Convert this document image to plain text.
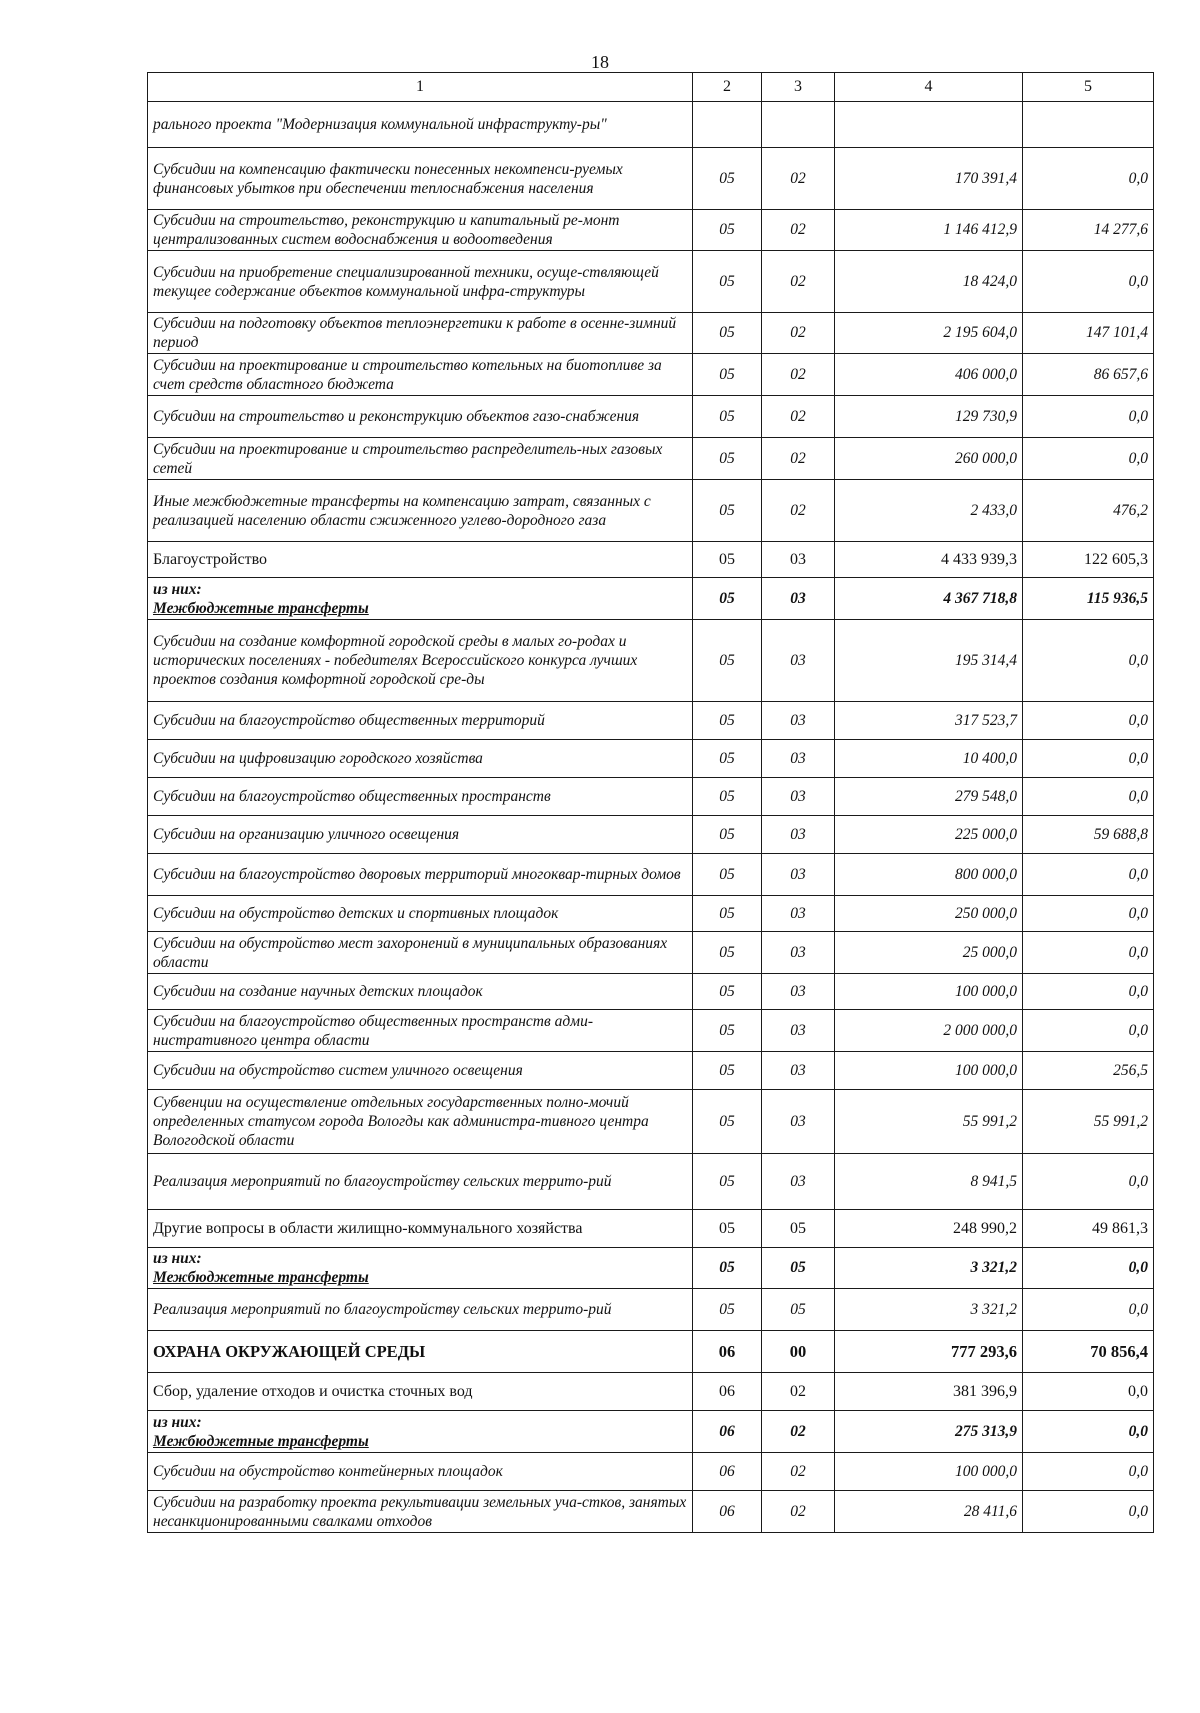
18
1	2	3	4	5
рального проекта "Модернизация коммунальной инфраструкту-ры"				
Субсидии на компенсацию фактически понесенных некомпенси-руемых финансовых убытков при обеспечении теплоснабжения населения	05	02	170 391,4	0,0
Субсидии на строительство, реконструкцию и капитальный ре-монт централизованных систем водоснабжения и водоотведения	05	02	1 146 412,9	14 277,6
Субсидии на приобретение специализированной техники, осуще-ствляющей текущее содержание объектов коммунальной инфра-структуры	05	02	18 424,0	0,0
Субсидии на подготовку объектов теплоэнергетики к работе в осенне-зимний период	05	02	2 195 604,0	147 101,4
Субсидии на проектирование и строительство котельных на биотопливе за счет средств областного бюджета	05	02	406 000,0	86 657,6
Субсидии на строительство и реконструкцию объектов газо-снабжения	05	02	129 730,9	0,0
Субсидии на проектирование и строительство распределитель-ных газовых сетей	05	02	260 000,0	0,0
Иные межбюджетные трансферты на компенсацию затрат, связанных с реализацией населению области сжиженного углево-дородного газа	05	02	2 433,0	476,2
Благоустройство	05	03	4 433 939,3	122 605,3

из них:
Межбюджетные трансферты	05	03	4 367 718,8	115 936,5
Субсидии на создание комфортной городской среды в малых го-родах и исторических поселениях - победителях Всероссийского конкурса лучших проектов создания комфортной городской сре-ды	05	03	195 314,4	0,0
Субсидии на благоустройство общественных территорий	05	03	317 523,7	0,0
Субсидии на цифровизацию городского хозяйства	05	03	10 400,0	0,0
Субсидии на благоустройство общественных пространств	05	03	279 548,0	0,0
Субсидии на организацию уличного освещения	05	03	225 000,0	59 688,8
Субсидии на благоустройство дворовых территорий многоквар-тирных домов	05	03	800 000,0	0,0
Субсидии на обустройство детских и спортивных площадок	05	03	250 000,0	0,0
Субсидии на обустройство мест захоронений в муниципальных образованиях области	05	03	25 000,0	0,0
Субсидии на создание научных детских площадок	05	03	100 000,0	0,0
Субсидии на благоустройство общественных пространств адми-нистративного центра области	05	03	2 000 000,0	0,0
Субсидии на обустройство систем уличного освещения	05	03	100 000,0	256,5
Субвенции на осуществление отдельных государственных полно-мочий определенных статусом города Вологды как администра-тивного центра Вологодской области	05	03	55 991,2	55 991,2
Реализация мероприятий по благоустройству сельских террито-рий	05	03	8 941,5	0,0
Другие вопросы в области жилищно-коммунального хозяйства	05	05	248 990,2	49 861,3

из них:
Межбюджетные трансферты	05	05	3 321,2	0,0
Реализация мероприятий по благоустройству сельских террито-рий	05	05	3 321,2	0,0
ОХРАНА ОКРУЖАЮЩЕЙ СРЕДЫ	06	00	777 293,6	70 856,4
Сбор, удаление отходов и очистка сточных вод	06	02	381 396,9	0,0

из них:
Межбюджетные трансферты	06	02	275 313,9	0,0
Субсидии на обустройство контейнерных площадок	06	02	100 000,0	0,0
Субсидии на разработку проекта рекультивации земельных уча-стков, занятых несанкционированными свалками отходов	06	02	28 411,6	0,0
